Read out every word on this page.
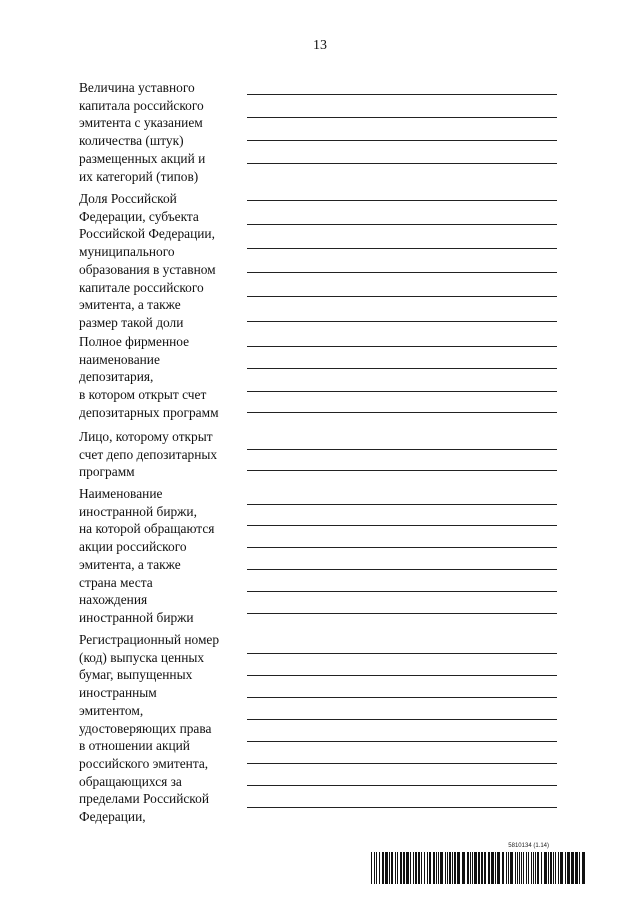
13
Величина уставного
капитала российского
эмитента с указанием
количества (штук)
размещенных акций и
их категорий (типов)
Доля Российской
Федерации, субъекта
Российской Федерации,
муниципального
образования в уставном
капитале российского
эмитента, а также
размер такой доли
Полное фирменное
наименование
депозитария,
в котором открыт счет
депозитарных программ
Лицо, которому открыт
счет депо депозитарных
программ
Наименование
иностранной биржи,
на которой обращаются
акции российского
эмитента, а также
страна места
нахождения
иностранной биржи
Регистрационный номер
(код) выпуска ценных
бумаг, выпущенных
иностранным
эмитентом,
удостоверяющих права
в отношении акций
российского эмитента,
обращающихся за
пределами Российской
Федерации,
5810134 (1.14)
